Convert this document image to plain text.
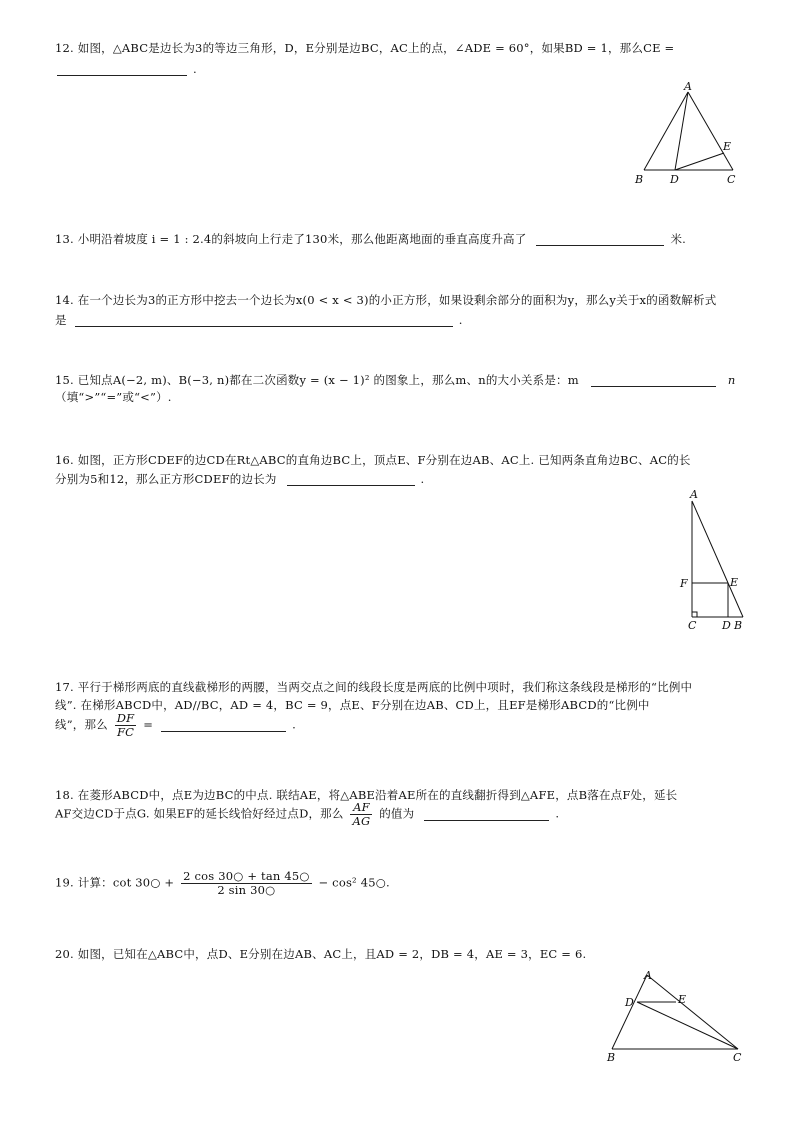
12. 如图，△ABC是边长为3的等边三角形，D，E分别是边BC，AC上的点，∠ADE = 60°，如果BD = 1，那么CE =
.
A
B D	C
E
13. 小明沿着坡度 i = 1 : 2.4的斜坡向上行走了130米，那么他距离地面的垂直高度升高了	米.
14. 在一个边长为3的正方形中挖去一个边长为x(0 < x < 3)的小正方形，如果设剩余部分的面积为y，那么y关于x的函数解析式
是	.
15. 已知点A(−2, m)、B(−3, n)都在二次函数y = (x − 1)² 的图象上，那么m、n的大小关系是：m	n
（填“>”“=”或“<”）.
16. 如图，正方形CDEF的边CD在Rt△ABC的直角边BC上，顶点E、F分别在边AB、AC上. 已知两条直角边BC、AC的长
分别为5和12，那么正方形CDEF的边长为	.
A
F	E
C D B
17. 平行于梯形两底的直线截梯形的两腰，当两交点之间的线段长度是两底的比例中项时，我们称这条线段是梯形的“比例中
线”. 在梯形ABCD中，AD//BC，AD = 4，BC = 9，点E、F分别在边AB、CD上，且EF是梯形ABCD的“比例中
线”，那么 $\frac{DF}{FC}$ =	.
18. 在菱形ABCD中，点E为边BC的中点. 联结AE，将△ABE沿着AE所在的直线翻折得到△AFE，点B落在点F处，延长
AF交边CD于点G. 如果EF的延长线恰好经过点D，那么 $\frac{AF}{AG}$ 的值为	.
19. 计算：cot 30○ + $\frac{2 \cos 30○ + \tan 45○}{2 \sin 30○} - \cos^2$ 45○.
20. 如图，已知在△ABC中，点D、E分别在边AB、AC上，且AD = 2，DB = 4，AE = 3，EC = 6.
A
D	E
B	C
